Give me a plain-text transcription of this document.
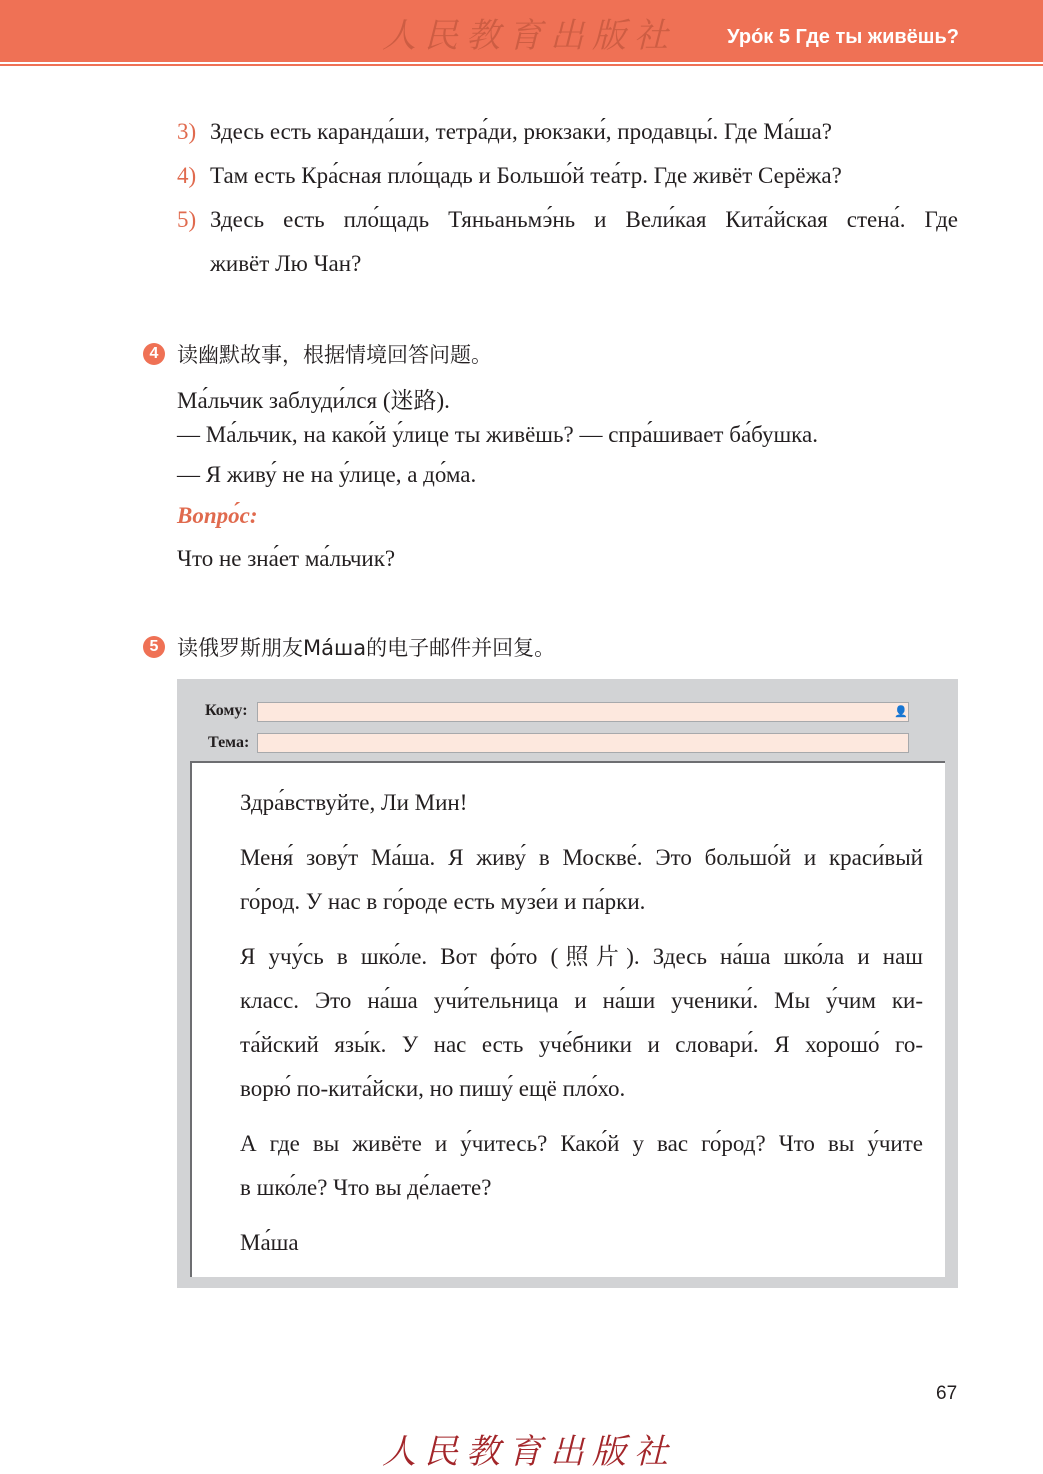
人民教育出版社	Уро́к 5 Где ты живёшь?
3) Здесь есть каранда́ши, тетра́ди, рюкзаки́, продавцы́. Где Ма́ша?
4) Там есть Кра́сная пло́щадь и Большо́й теа́тр. Где живёт Серёжа?
5) Здесь есть пло́щадь Тяньаньмэ́нь и Вели́кая Кита́йская стена́. Где
живёт Лю Чан?
4 读幽默故事，根据情境回答问题。
Ма́льчик заблуди́лся (迷路).
— Ма́льчик, на како́й у́лице ты живёшь? — спра́шивает ба́бушка.
— Я живу́ не на у́лице, а до́ма.
Вопро́с:
Что не зна́ет ма́льчик?
5 读俄罗斯朋友Ма́ша的电子邮件并回复。
Кому:	👤
Тема:
Здра́вствуйте, Ли Мин!
Меня́ зову́т Ма́ша. Я живу́ в Москве́. Это большо́й и краси́вый
го́род. У нас в го́роде есть музе́и и па́рки.
Я учу́сь в шко́ле. Вот фо́то (照片). Здесь на́ша шко́ла и наш
класс. Это на́ша учи́тельница и на́ши ученики́. Мы у́чим ки-
та́йский язы́к. У нас есть уче́бники и словари́. Я хорошо́ го-
ворю́ по-кита́йски, но пишу́ ещё пло́хо.
А где вы живёте и у́читесь? Како́й у вас го́род? Что вы у́чите
в шко́ле? Что вы де́лаете?
Ма́ша
67
人民教育出版社
